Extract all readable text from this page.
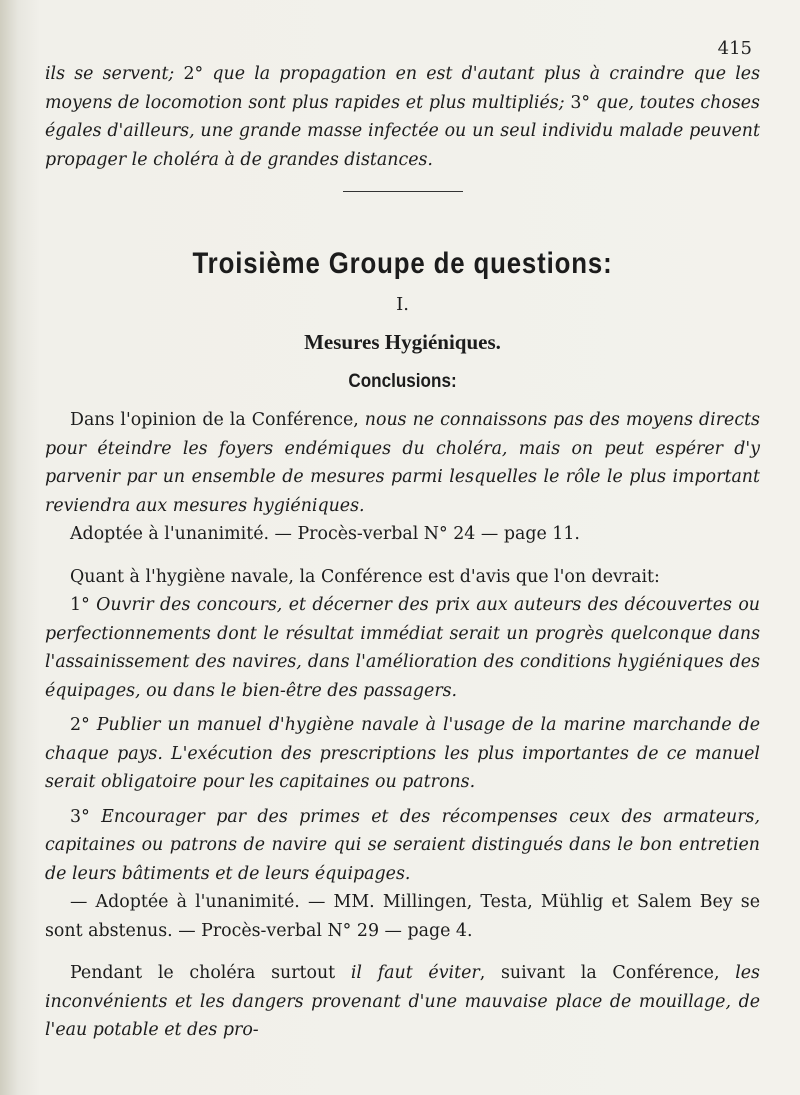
415

ils se servent; 2° que la propagation en est d'autant plus à craindre que les moyens de locomotion sont plus rapides et plus multipliés; 3° que, toutes choses égales d'ailleurs, une grande masse infectée ou un seul individu malade peuvent propager le choléra à de grandes distances.

Troisième Groupe de questions:
I.
Mesures Hygiéniques.
Conclusions:

Dans l'opinion de la Conférence, nous ne connaissons pas des moyens directs pour éteindre les foyers endémiques du choléra, mais on peut espérer d'y parvenir par un ensemble de mesures parmi lesquelles le rôle le plus important reviendra aux mesures hygiéniques.

Adoptée à l'unanimité. — Procès-verbal N° 24 — page 11.

Quant à l'hygiène navale, la Conférence est d'avis que l'on devrait:

1° Ouvrir des concours, et décerner des prix aux auteurs des découvertes ou perfectionnements dont le résultat immédiat serait un progrès quelconque dans l'assainissement des navires, dans l'amélioration des conditions hygiéniques des équipages, ou dans le bien-être des passagers.

2° Publier un manuel d'hygiène navale à l'usage de la marine marchande de chaque pays. L'exécution des prescriptions les plus importantes de ce manuel serait obligatoire pour les capitaines ou patrons.

3° Encourager par des primes et des récompenses ceux des armateurs, capitaines ou patrons de navire qui se seraient distingués dans le bon entretien de leurs bâtiments et de leurs équipages.

— Adoptée à l'unanimité. — MM. Millingen, Testa, Mühlig et Salem Bey se sont abstenus. — Procès-verbal N° 29 — page 4.

Pendant le choléra surtout il faut éviter, suivant la Conférence, les inconvénients et les dangers provenant d'une mauvaise place de mouillage, de l'eau potable et des pro-
